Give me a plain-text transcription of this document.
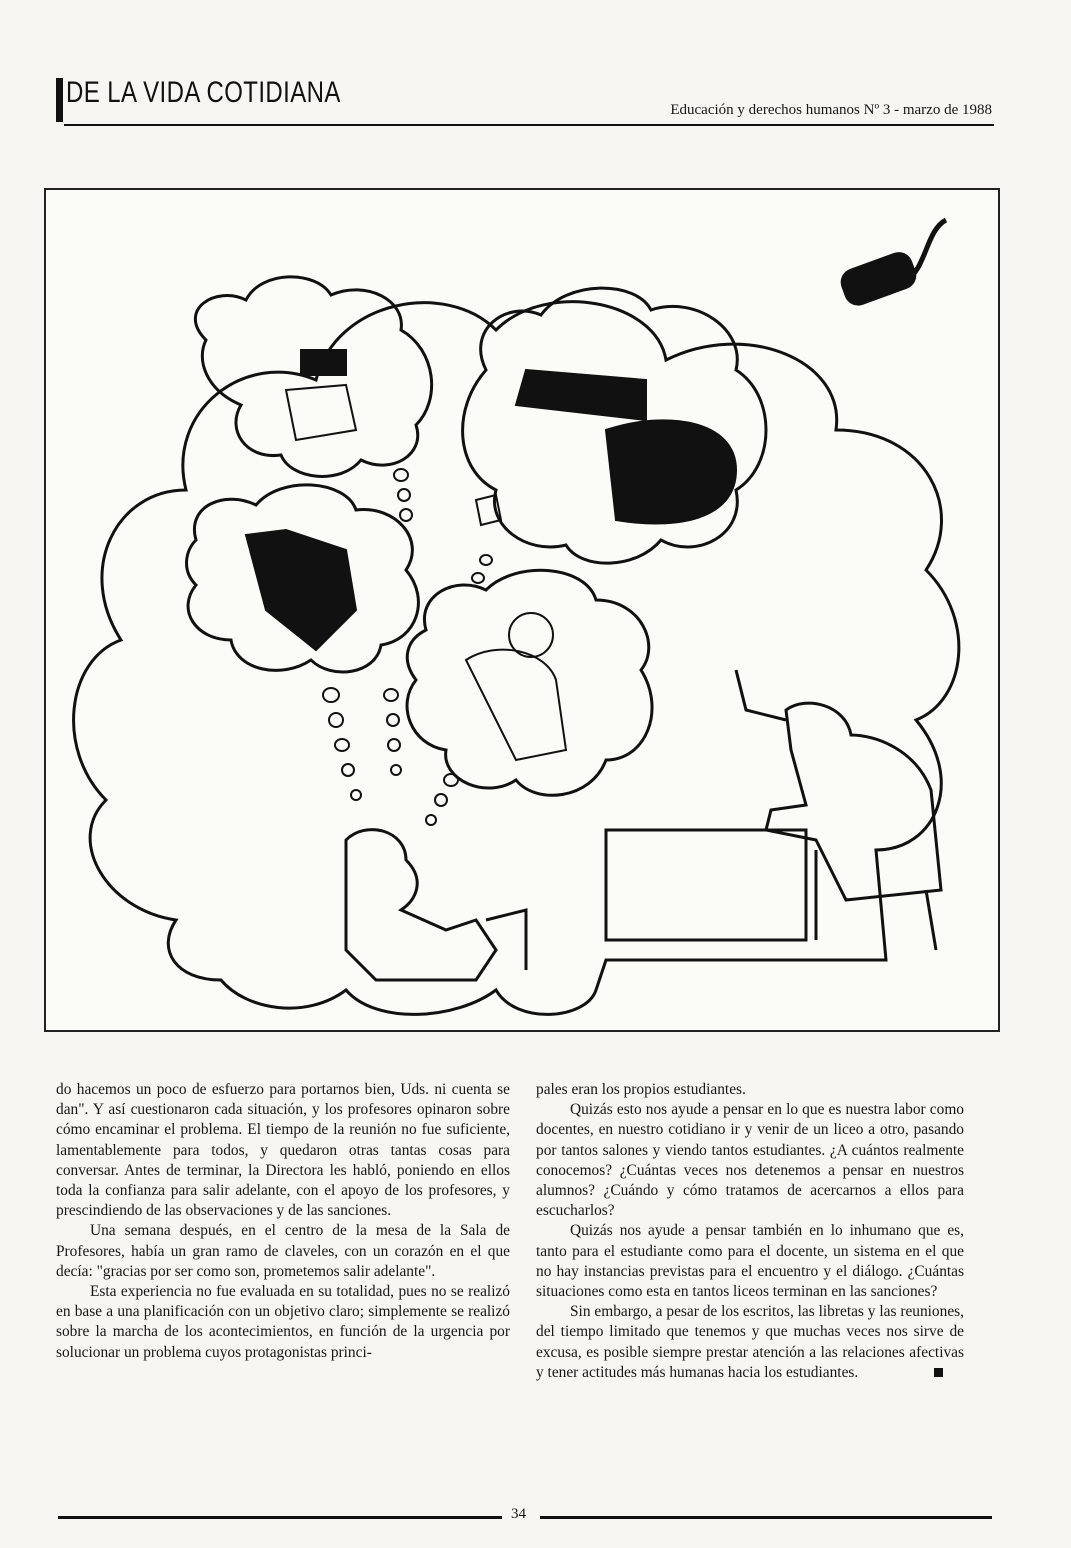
DE LA VIDA COTIDIANA
Educación y derechos humanos Nº 3 - marzo de 1988

do hacemos un poco de esfuerzo para portarnos bien, Uds. ni cuenta se dan". Y así cuestionaron cada situación, y los profesores opinaron sobre cómo encaminar el problema. El tiempo de la reunión no fue suficiente, lamentablemente para todos, y quedaron otras tantas cosas para conversar. Antes de terminar, la Directora les habló, poniendo en ellos toda la confianza para salir adelante, con el apoyo de los profesores, y prescindiendo de las observaciones y de las sanciones.

Una semana después, en el centro de la mesa de la Sala de Profesores, había un gran ramo de claveles, con un corazón en el que decía: "gracias por ser como son, prometemos salir adelante".

Esta experiencia no fue evaluada en su totalidad, pues no se realizó en base a una planificación con un objetivo claro; simplemente se realizó sobre la marcha de los acontecimientos, en función de la urgencia por solucionar un problema cuyos protagonistas princi-

pales eran los propios estudiantes.

Quizás esto nos ayude a pensar en lo que es nuestra labor como docentes, en nuestro cotidiano ir y venir de un liceo a otro, pasando por tantos salones y viendo tantos estudiantes. ¿A cuántos realmente conocemos? ¿Cuántas veces nos detenemos a pensar en nuestros alumnos? ¿Cuándo y cómo tratamos de acercarnos a ellos para escucharlos?

Quizás nos ayude a pensar también en lo inhumano que es, tanto para el estudiante como para el docente, un sistema en el que no hay instancias previstas para el encuentro y el diálogo. ¿Cuántas situaciones como esta en tantos liceos terminan en las sanciones?

Sin embargo, a pesar de los escritos, las libretas y las reuniones, del tiempo limitado que tenemos y que muchas veces nos sirve de excusa, es posible siempre prestar atención a las relaciones afectivas y tener actitudes más humanas hacia los estudiantes.

34
